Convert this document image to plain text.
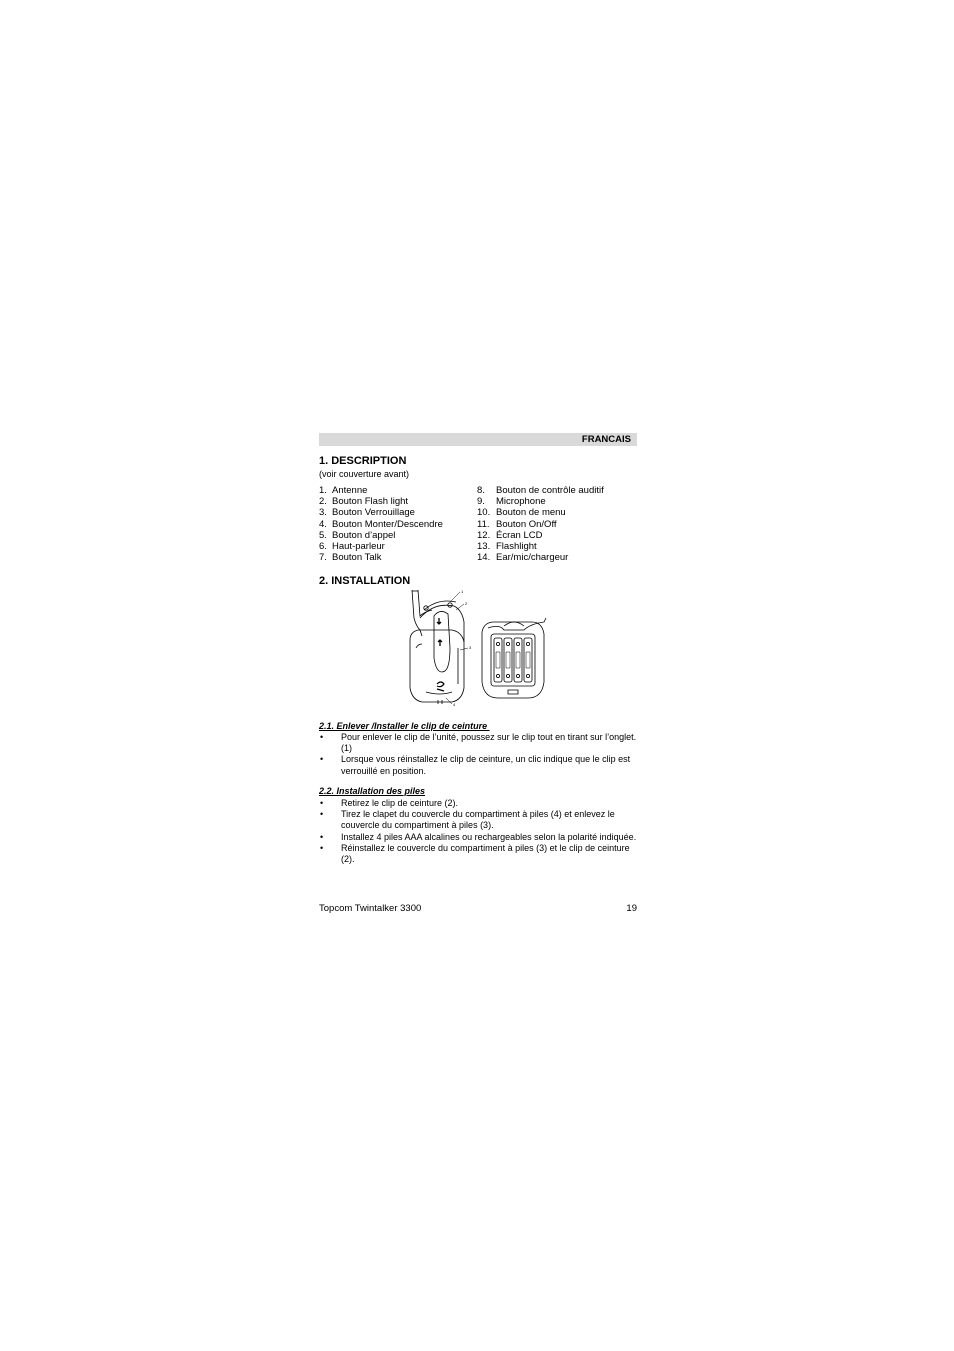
FRANCAIS
1. DESCRIPTION
(voir couverture avant)
1. Antenne
2. Bouton Flash light
3. Bouton Verrouillage
4. Bouton Monter/Descendre
5. Bouton d’appel
6. Haut-parleur
7. Bouton Talk
8. Bouton de contrôle auditif
9. Microphone
10. Bouton de menu
11. Bouton On/Off
12. Écran LCD
13. Flashlight
14. Ear/mic/chargeur
2. INSTALLATION
1
2
3
4
2.1. Enlever /Installer le clip de ceinture
• Pour enlever le clip de l’unité, poussez sur le clip tout en tirant sur l’onglet. (1)
• Lorsque vous réinstallez le clip de ceinture, un clic indique que le clip est verrouillé en position.
2.2. Installation des piles
• Retirez le clip de ceinture (2).
• Tirez le clapet du couvercle du compartiment à piles (4) et enlevez le couvercle du compartiment à piles (3).
• Installez 4 piles AAA alcalines ou rechargeables selon la polarité indiquée.
• Réinstallez le couvercle du compartiment à piles (3) et le clip de ceinture (2).
Topcom Twintalker 3300	19
